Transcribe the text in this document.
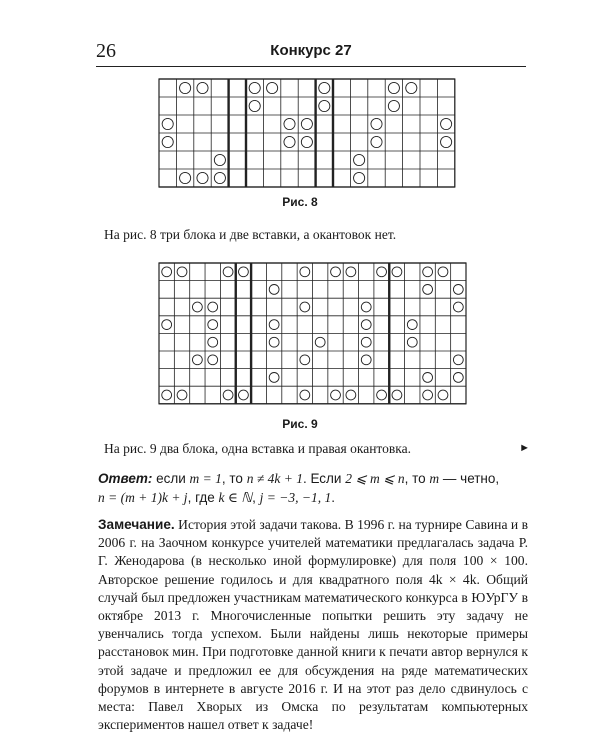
26	Конкурс 27
Рис. 8
На рис. 8 три блока и две вставки, а окантовок нет.
Рис. 9
На рис. 9 два блока, одна вставка и правая окантовка.	►
Ответ: если m = 1, то n ≠ 4k + 1. Если 2 ⩽ m ⩽ n, то m — четно,
n = (m + 1)k + j, где k ∈ ℕ, j = −3, −1, 1.
Замечание. История этой задачи такова. В 1996 г. на турнире Савина и в 2006 г. на Заочном конкурсе учителей математики предлагалась задача Р. Г. Женодарова (в несколько иной формулировке) для поля 100 × 100. Авторское решение годилось и для квадратного поля 4k × 4k. Общий случай был предложен участникам математического конкурса в ЮУрГУ в октябре 2013 г. Многочисленные попытки решить эту задачу не увенчались тогда успехом. Были найдены лишь некоторые примеры расстановок мин. При подготовке данной книги к печати автор вернулся к этой задаче и предложил ее для обсуждения на ряде математических форумов в интернете в августе 2016 г. И на этот раз дело сдвинулось с места: Павел Хворых из Омска по результатам компьютерных экспериментов нашел ответ к задаче!
